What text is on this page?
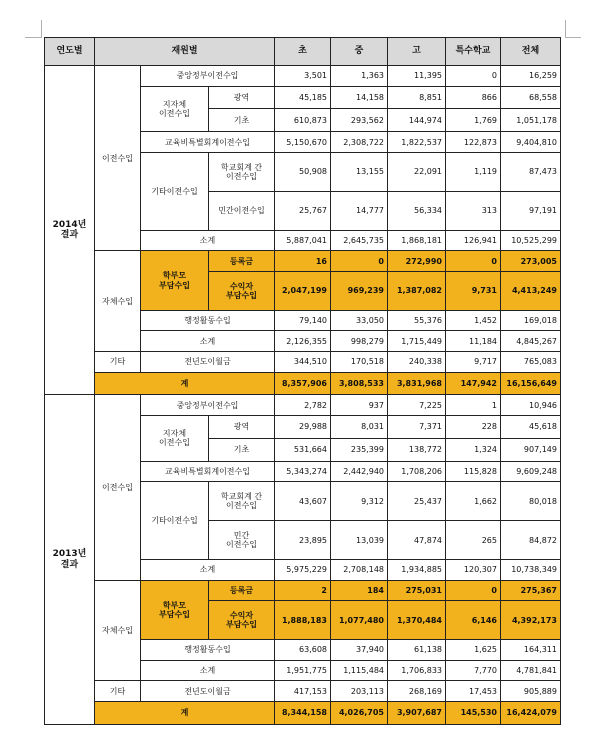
연도별	재원별			초	중	고	특수학교	전체
2014년
결과	이전수입	중앙정부이전수입		3,501	1,363	11,395	0	16,259
		지자체
이전수입	광역	45,185	14,158	8,851	866	68,558
			기초	610,873	293,562	144,974	1,769	1,051,178
		교육비특별회계이전수입		5,150,670	2,308,722	1,822,537	122,873	9,404,810
		기타이전수입	학교회계 간
이전수입	50,908	13,155	22,091	1,119	87,473
			민간이전수입	25,767	14,777	56,334	313	97,191
		소계		5,887,041	2,645,735	1,868,181	126,941	10,525,299
	자체수입	학부모
부담수입	등록금	16	0	272,990	0	273,005
			수익자
부담수입	2,047,199	969,239	1,387,082	9,731	4,413,249
		행정활동수입		79,140	33,050	55,376	1,452	169,018
		소계		2,126,355	998,279	1,715,449	11,184	4,845,267
	기타	전년도이월금		344,510	170,518	240,338	9,717	765,083
	계			8,357,906	3,808,533	3,831,968	147,942	16,156,649
2013년
결과	이전수입	중앙정부이전수입		2,782	937	7,225	1	10,946
		지자체
이전수입	광역	29,988	8,031	7,371	228	45,618
			기초	531,664	235,399	138,772	1,324	907,149
		교육비특별회계이전수입		5,343,274	2,442,940	1,708,206	115,828	9,609,248
		기타이전수입	학교회계 간
이전수입	43,607	9,312	25,437	1,662	80,018
			민간
이전수입	23,895	13,039	47,874	265	84,872
		소계		5,975,229	2,708,148	1,934,885	120,307	10,738,349
	자체수입	학부모
부담수입	등록금	2	184	275,031	0	275,367
			수익자
부담수입	1,888,183	1,077,480	1,370,484	6,146	4,392,173
		행정활동수입		63,608	37,940	61,138	1,625	164,311
		소계		1,951,775	1,115,484	1,706,833	7,770	4,781,841
	기타	전년도이월금		417,153	203,113	268,169	17,453	905,889
	계			8,344,158	4,026,705	3,907,687	145,530	16,424,079
